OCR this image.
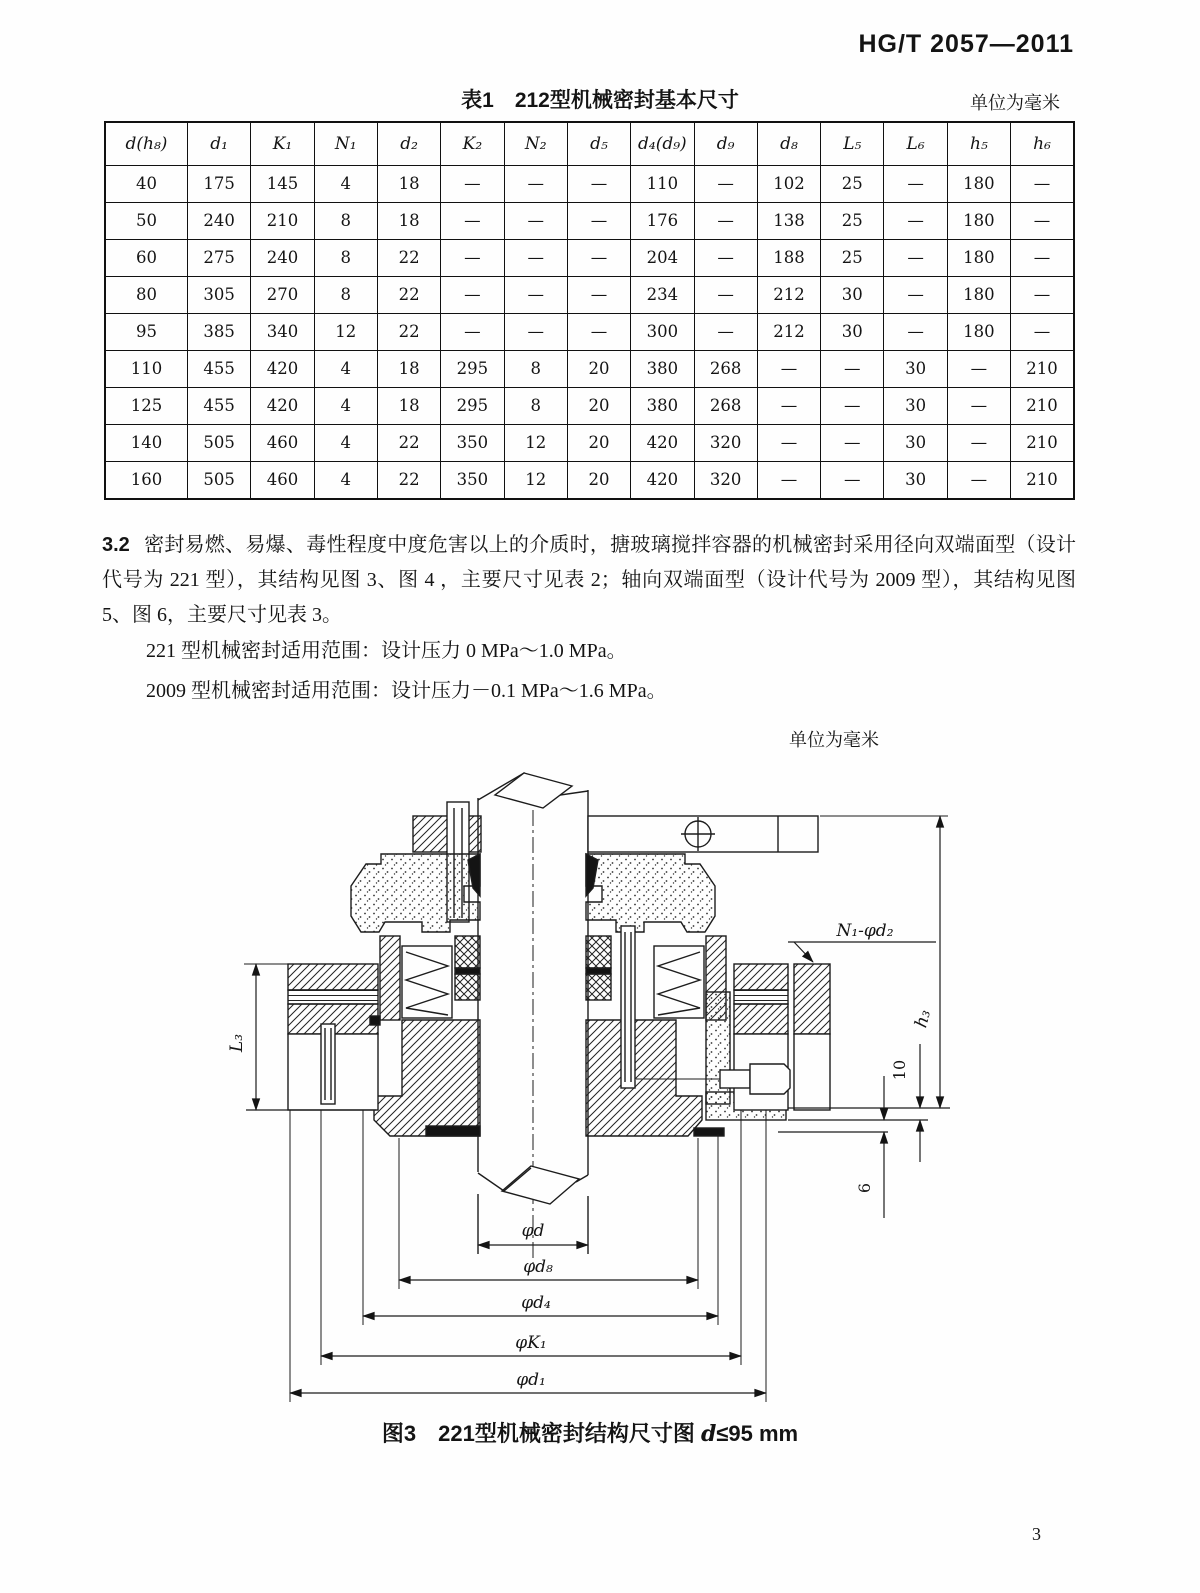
HG/T 2057—2011
表1　212型机械密封基本尺寸	单位为毫米
d(h₈)	d₁	K₁	N₁	d₂	K₂	N₂	d₅	d₄(d₉)	d₉	d₈	L₅	L₆	h₅	h₆
40	175	145	4	18	—	—	—	110	—	102	25	—	180	—
50	240	210	8	18	—	—	—	176	—	138	25	—	180	—
60	275	240	8	22	—	—	—	204	—	188	25	—	180	—
80	305	270	8	22	—	—	—	234	—	212	30	—	180	—
95	385	340	12	22	—	—	—	300	—	212	30	—	180	—
110	455	420	4	18	295	8	20	380	268	—	—	30	—	210
125	455	420	4	18	295	8	20	380	268	—	—	30	—	210
140	505	460	4	22	350	12	20	420	320	—	—	30	—	210
160	505	460	4	22	350	12	20	420	320	—	—	30	—	210
3.2 密封易燃、易爆、毒性程度中度危害以上的介质时，搪玻璃搅拌容器的机械密封采用径向双端面型（设计代号为 221 型），其结构见图 3、图 4 ，主要尺寸见表 2；轴向双端面型（设计代号为 2009 型），其结构见图 5、图 6，主要尺寸见表 3。
221 型机械密封适用范围：设计压力 0 MPa～1.0 MPa。
2009 型机械密封适用范围：设计压力－0.1 MPa～1.6 MPa。
单位为毫米
N₁-φd₂
h₃
L₃
10
6
φd
φd₈
φd₄
φK₁
φd₁
图3　221型机械密封结构尺寸图 d≤95 mm
3
